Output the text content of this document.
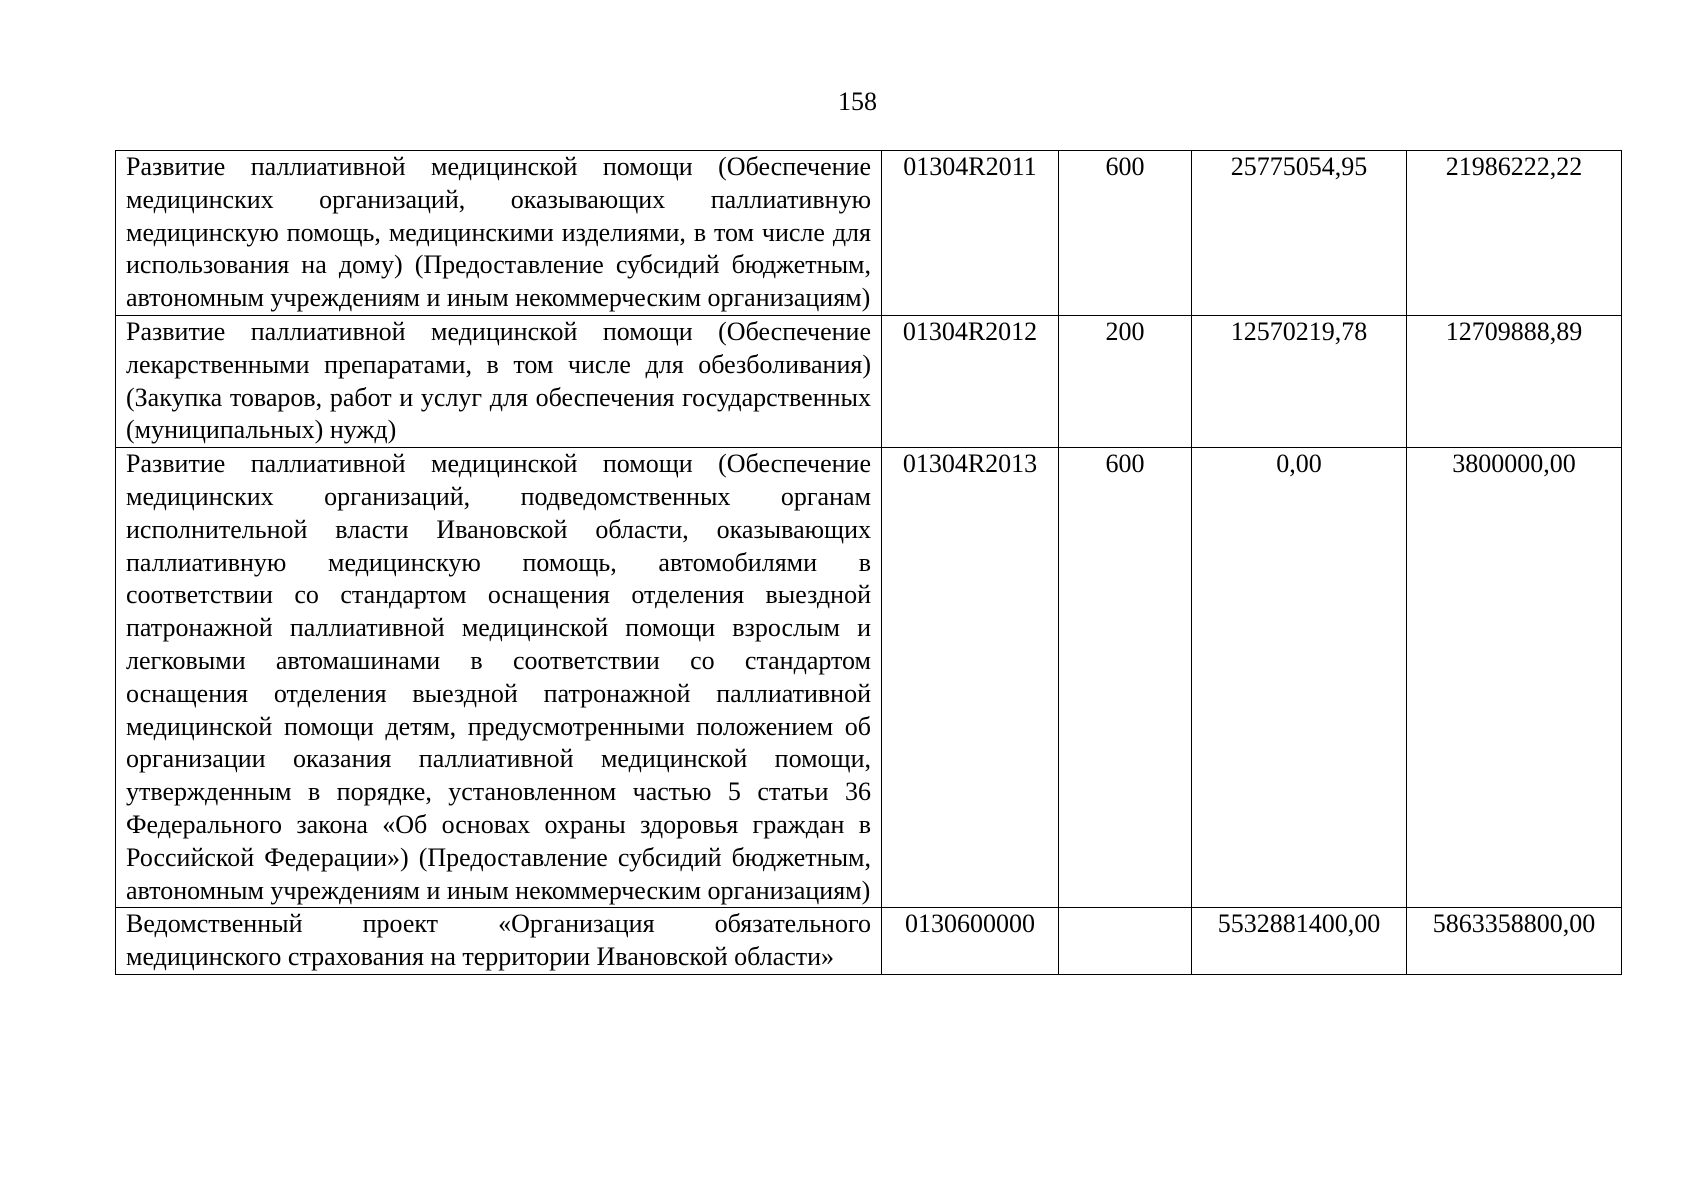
158
Развитие паллиативной медицинской помощи (Обеспечение медицинских организаций, оказывающих паллиативную медицинскую помощь, медицинскими изделиями, в том числе для использования на дому) (Предоставление субсидий бюджетным, автономным учреждениям и иным некоммерческим организациям)	01304R2011	600	25775054,95	21986222,22

Развитие паллиативной медицинской помощи (Обеспечение лекарственными препаратами, в том числе для обезболивания) (Закупка товаров, работ и услуг для обеспечения государственных (муниципальных) нужд)	01304R2012	200	12570219,78	12709888,89

Развитие паллиативной медицинской помощи (Обеспечение медицинских организаций, подведомственных органам исполнительной власти Ивановской области, оказывающих паллиативную медицинскую помощь, автомобилями в соответствии со стандартом оснащения отделения выездной патронажной паллиативной медицинской помощи взрослым и легковыми автомашинами в соответствии со стандартом оснащения отделения выездной патронажной паллиативной медицинской помощи детям, предусмотренными положением об организации оказания паллиативной медицинской помощи, утвержденным в порядке, установленном частью 5 статьи 36 Федерального закона «Об основах охраны здоровья граждан в Российской Федерации») (Предоставление субсидий бюджетным, автономным учреждениям и иным некоммерческим организациям)	01304R2013	600	0,00	3800000,00

Ведомственный проект «Организация обязательного медицинского страхования на территории Ивановской области»	0130600000		5532881400,00	5863358800,00
